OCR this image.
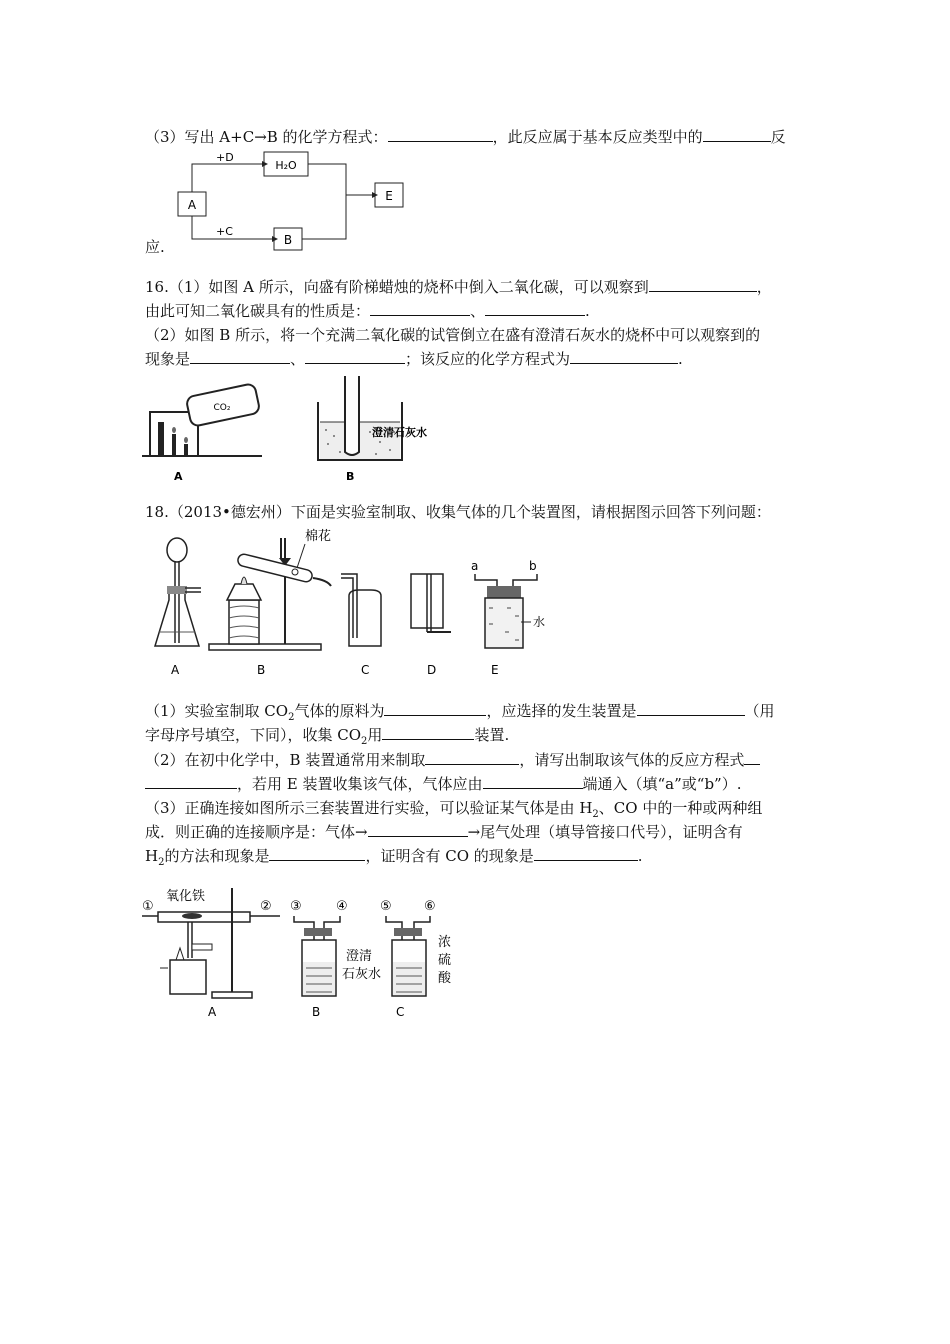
（3）写出 A+C→B 的化学方程式：	，此反应属于基本反应类型中的	反
A
H₂O
E
B
+D
+C
应.
16.（1）如图 A 所示，向盛有阶梯蜡烛的烧杯中倒入二氧化碳，可以观察到	，
由此可知二氧化碳具有的性质是：	、	.
（2）如图 B 所示，将一个充满二氧化碳的试管倒立在盛有澄清石灰水的烧杯中可以观察到的
现象是	、	；该反应的化学方程式为	.
CO₂
A
澄清石灰水
B
18.（2013•德宏州）下面是实验室制取、收集气体的几个装置图，请根据图示回答下列问题：
A
棉花
B	C	D
a	b
水
E
（1）实验室制取 $CO_2$气体的原料为	，应选择的发生装置是	（用
字母序号填空，下同），收集 $CO_2$用	装置.
（2）在初中化学中，B 装置通常用来制取	，请写出制取该气体的反应方程式
，若用 E 装置收集该气体，气体应由	端通入（填“a”或“b”）.
（3）正确连接如图所示三套装置进行实验，可以验证某气体是由 $H_2$、CO 中的一种或两种组
成．则正确的连接顺序是：气体→	→尾气处理（填导管接口代号），证明含有
$H_2$的方法和现象是	，证明含有 CO 的现象是	.
①
氧化铁
②
A
③	④
澄清
石灰水
B
⑤ ⑥
浓
硫
酸
C
